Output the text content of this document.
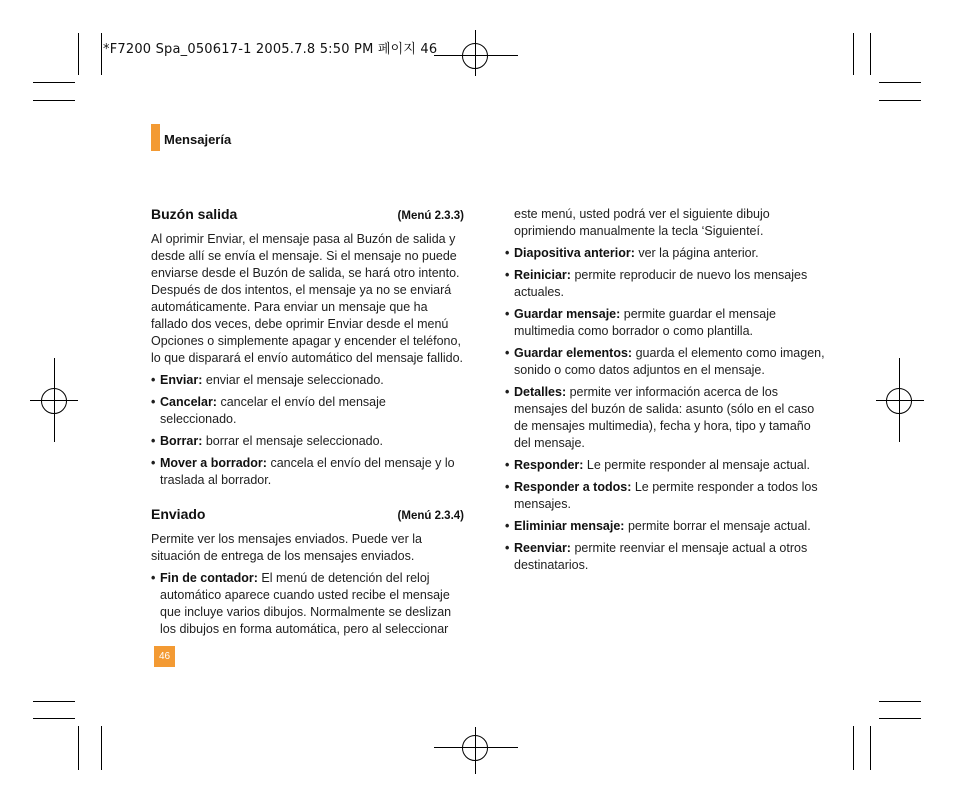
*F7200 Spa_050617-1 2005.7.8 5:50 PM 페이지 46
Mensajería
Buzón salida	(Menú 2.3.3)

Al oprimir Enviar, el mensaje pasa al Buzón de salida y desde allí se envía el mensaje. Si el mensaje no puede enviarse desde el Buzón de salida, se hará otro intento. Después de dos intentos, el mensaje ya no se enviará automáticamente. Para enviar un mensaje que ha fallado dos veces, debe oprimir Enviar desde el menú Opciones o simplemente apagar y encender el teléfono, lo que disparará el envío automático del mensaje fallido.

• Enviar: enviar el mensaje seleccionado.
• Cancelar: cancelar el envío del mensaje seleccionado.
• Borrar: borrar el mensaje seleccionado.
• Mover a borrador: cancela el envío del mensaje y lo traslada al borrador.
Enviado	(Menú 2.3.4)

Permite ver los mensajes enviados. Puede ver la situación de entrega de los mensajes enviados.

• Fin de contador: El menú de detención del reloj automático aparece cuando usted recibe el mensaje que incluye varios dibujos. Normalmente se deslizan los dibujos en forma automática, pero al seleccionar

este menú, usted podrá ver el siguiente dibujo oprimiendo manualmente la tecla ‘Siguienteí.

• Diapositiva anterior: ver la página anterior.
• Reiniciar: permite reproducir de nuevo los mensajes actuales.
• Guardar mensaje: permite guardar el mensaje multimedia como borrador o como plantilla.
• Guardar elementos: guarda el elemento como imagen, sonido o como datos adjuntos en el mensaje.
• Detalles: permite ver información acerca de los mensajes del buzón de salida: asunto (sólo en el caso de mensajes multimedia), fecha y hora, tipo y tamaño del mensaje.
• Responder: Le permite responder al mensaje actual.
• Responder a todos: Le permite responder a todos los mensajes.
• Eliminiar mensaje: permite borrar el mensaje actual.
• Reenviar: permite reenviar el mensaje actual a otros destinatarios.
46
